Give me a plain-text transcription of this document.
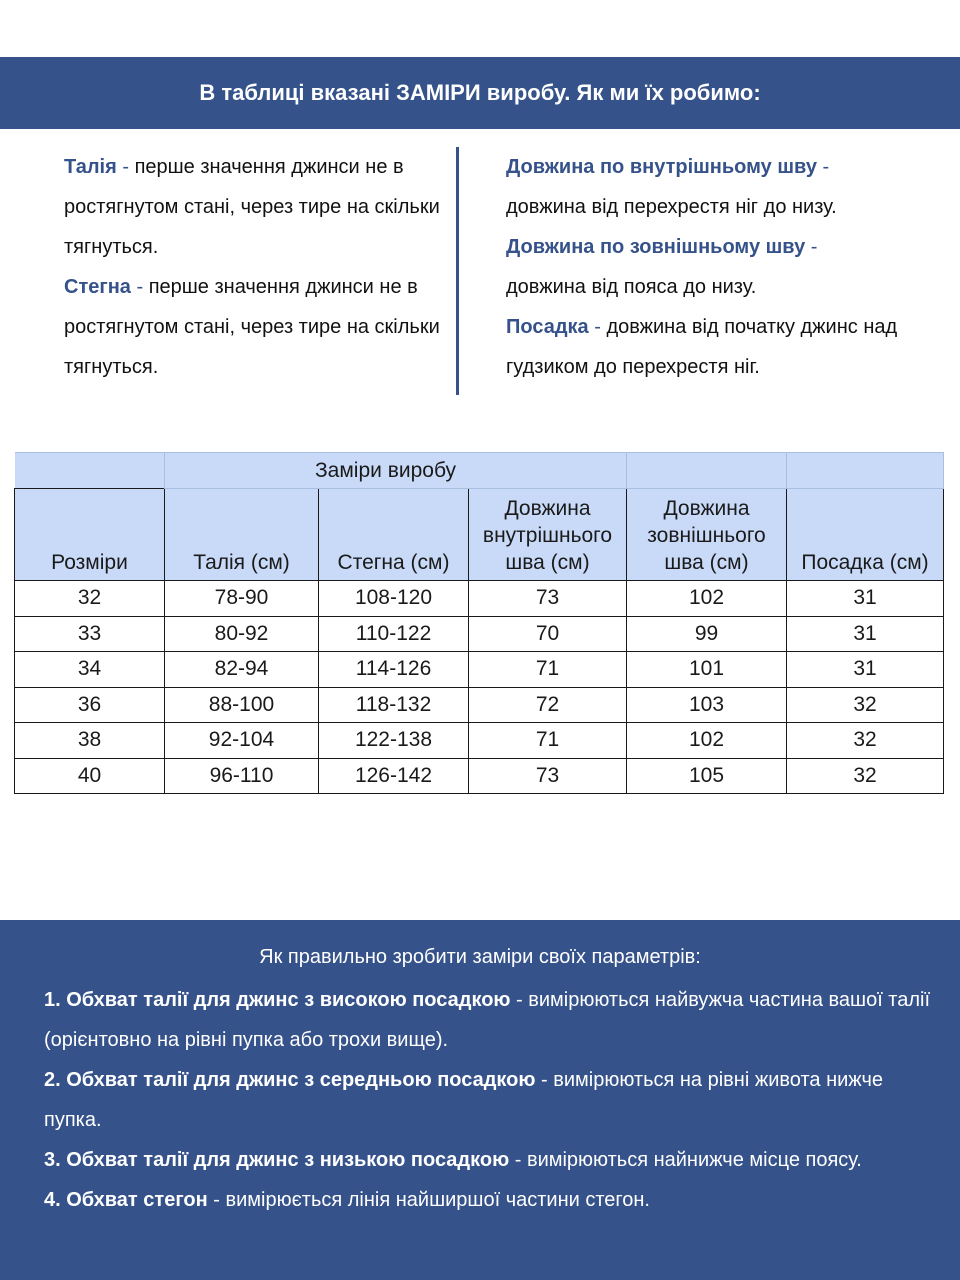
В таблиці вказані ЗАМІРИ виробу. Як ми їх робимо:
Талія - перше значення джинси не в ростягнутом стані, через тире на скільки тягнуться.
Стегна - перше значення джинси не в ростягнутом стані, через тире на скільки тягнуться.
Довжина по внутрішньому шву -
довжина від перехрестя ніг до низу.
Довжина по зовнішньому шву -
довжина від пояса до низу.
Посадка - довжина від початку джинс над гудзиком до перехрестя ніг.
	Заміри виробу				
Розміри	Талія (см)	Стегна (см)	Довжина
внутрішнього
шва (см)	Довжина
зовнішнього
шва (см)	Посадка (см)
32	78-90	108-120	73	102	31
33	80-92	110-122	70	99	31
34	82-94	114-126	71	101	31
36	88-100	118-132	72	103	32
38	92-104	122-138	71	102	32
40	96-110	126-142	73	105	32
Як правильно зробити заміри своїх параметрів:
1. Обхват талії для джинс з високою посадкою - вимірюються найвужча частина вашої талії (орієнтовно на рівні пупка або трохи вище).
2. Обхват талії для джинс з середньою посадкою - вимірюються на рівні живота нижче пупка.
3. Обхват талії для джинс з низькою посадкою - вимірюються найнижче місце поясу.
4. Обхват стегон - вимірюється лінія найширшої частини стегон.
